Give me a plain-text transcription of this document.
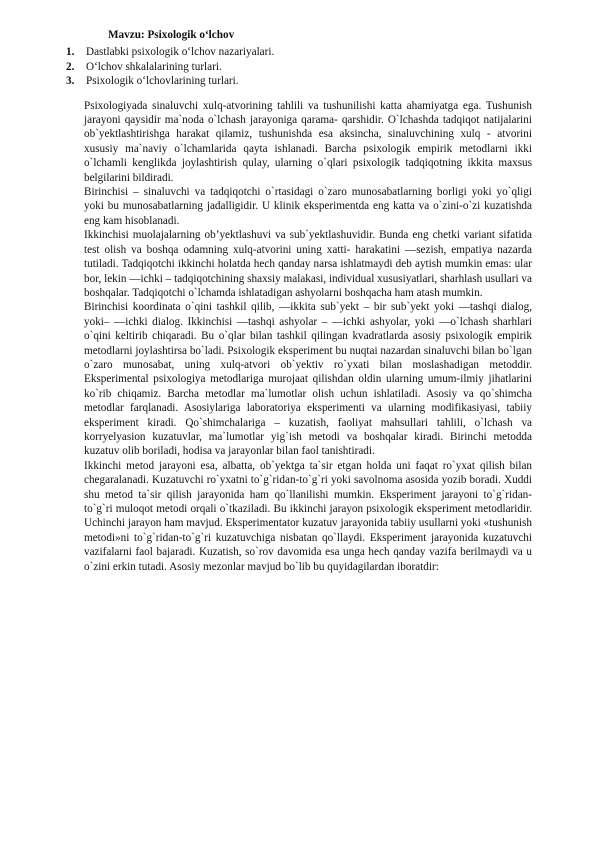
Mavzu: Psixologik o‘lchov
1. Dastlabki psixologik o‘lchov nazariyalari.
2. O‘lchov shkalalarining turlari.
3. Psixologik o‘lchovlarining turlari.

Psixologiyada sinaluvchi xulq-atvorining tahlili va tushunilishi katta ahamiyatga ega. Tushunish jarayoni qaysidir ma`noda o`lchash jarayoniga qarama- qarshidir. O`lchashda tadqiqot natijalarini ob`yektlashtirishga harakat qilamiz, tushunishda esa aksincha, sinaluvchining xulq - atvorini xususiy ma`naviy o`lchamlarida qayta ishlanadi. Barcha psixologik empirik metodlarni ikki o`lchamli kenglikda joylashtirish qulay, ularning o`qlari psixologik tadqiqotning ikkita maxsus belgilarini bildiradi.

Birinchisi – sinaluvchi va tadqiqotchi o`rtasidagi o`zaro munosabatlarning borligi yoki yo`qligi yoki bu munosabatlarning jadalligidir. U klinik eksperimentda eng katta va o`zini-o`zi kuzatishda eng kam hisoblanadi.

Ikkinchisi muolajalarning ob’yektlashuvi va sub`yektlashuvidir. Bunda eng chetki variant sifatida test olish va boshqa odamning xulq-atvorini uning xatti- harakatini ―sezish, empatiya nazarda tutiladi. Tadqiqotchi ikkinchi holatda hech qanday narsa ishlatmaydi deb aytish mumkin emas: ular bor, lekin ―ichki – tadqiqotchining shaxsiy malakasi, individual xususiyatlari, sharhlash usullari va boshqalar. Tadqiqotchi o`lchamda ishlatadigan ashyolarni boshqacha ham atash mumkin.

Birinchisi koordinata o`qini tashkil qilib, ―ikkita sub`yekt – bir sub`yekt yoki ―tashqi dialog, yoki– ―ichki dialog. Ikkinchisi ―tashqi ashyolar – ―ichki ashyolar, yoki ―o`lchash sharhlari o`qini keltirib chiqaradi. Bu o`qlar bilan tashkil qilingan kvadratlarda asosiy psixologik empirik metodlarni joylashtirsa bo`ladi. Psixologik eksperiment bu nuqtai nazardan sinaluvchi bilan bo`lgan o`zaro munosabat, uning xulq-atvori ob`yektiv ro`yxati bilan moslashadigan metoddir. Eksperimental psixologiya metodlariga murojaat qilishdan oldin ularning umum-ilmiy jihatlarini ko`rib chiqamiz. Barcha metodlar ma`lumotlar olish uchun ishlatiladi. Asosiy va qo`shimcha metodlar farqlanadi. Asosiylariga laboratoriya eksperimenti va ularning modifikasiyasi, tabiiy eksperiment kiradi. Qo`shimchalariga – kuzatish, faoliyat mahsullari tahlili, o`lchash va korryelyasion kuzatuvlar, ma`lumotlar yig`ish metodi va boshqalar kiradi. Birinchi metodda kuzatuv olib boriladi, hodisa va jarayonlar bilan faol tanishtiradi.

Ikkinchi metod jarayoni esa, albatta, ob`yektga ta`sir etgan holda uni faqat ro`yxat qilish bilan chegaralanadi. Kuzatuvchi ro`yxatni to`g`ridan-to`g`ri yoki savolnoma asosida yozib boradi. Xuddi shu metod ta`sir qilish jarayonida ham qo`llanilishi mumkin. Eksperiment jarayoni to`g`ridan-to`g`ri muloqot metodi orqali o`tkaziladi. Bu ikkinchi jarayon psixologik eksperiment metodlaridir. Uchinchi jarayon ham mavjud. Eksperimentator kuzatuv jarayonida tabiiy usullarni yoki «tushunish metodi»ni to`g`ridan-to`g`ri kuzatuvchiga nisbatan qo`llaydi. Eksperiment jarayonida kuzatuvchi vazifalarni faol bajaradi. Kuzatish, so`rov davomida esa unga hech qanday vazifa berilmaydi va u o`zini erkin tutadi. Asosiy mezonlar mavjud bo`lib bu quyidagilardan iboratdir:
